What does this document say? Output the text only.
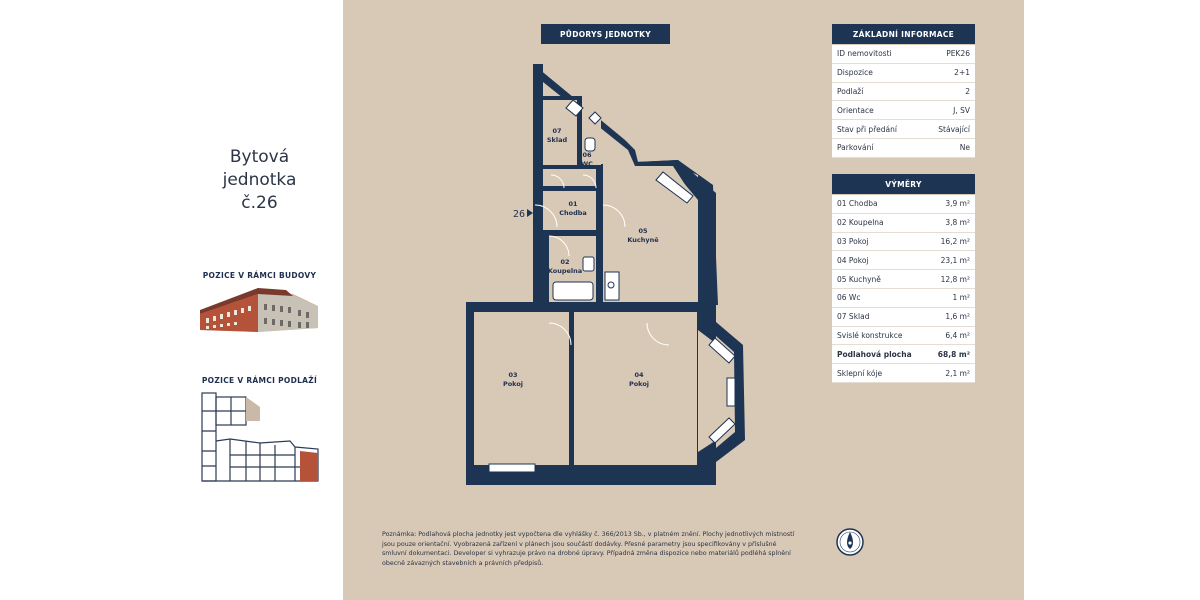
Bytová
jednotka
č.26
POZICE V RÁMCI BUDOVY
POZICE V RÁMCI PODLAŽÍ
PŮDORYS JEDNOTKY
07
Sklad
06
WC
01
Chodba
05
Kuchyně
02
Koupelna
03
Pokoj
04
Pokoj
26
Poznámka: Podlahová plocha jednotky jest vypočtena dle vyhlášky č. 366/2013 Sb., v platném znění. Plochy jednotlivých místností jsou pouze orientační. Vyobrazená zařízení v plánech jsou součástí dodávky. Přesné parametry jsou specifikovány v příslušné smluvní dokumentaci. Developer si vyhrazuje právo na drobné úpravy. Případná změna dispozice nebo materiálů podléhá splnění obecně závazných stavebních a právních předpisů.
ZÁKLADNÍ INFORMACE
ID nemovitosti	PEK26
Dispozice	2+1
Podlaží	2
Orientace	J, SV
Stav při předání	Stávající
Parkování	Ne
VÝMĚRY
01 Chodba	3,9 m²
02 Koupelna	3,8 m²
03 Pokoj	16,2 m²
04 Pokoj	23,1 m²
05 Kuchyně	12,8 m²
06 Wc	1 m²
07 Sklad	1,6 m²
Svislé konstrukce	6,4 m²
Podlahová plocha	68,8 m²
Sklepní kóje	2,1 m²
